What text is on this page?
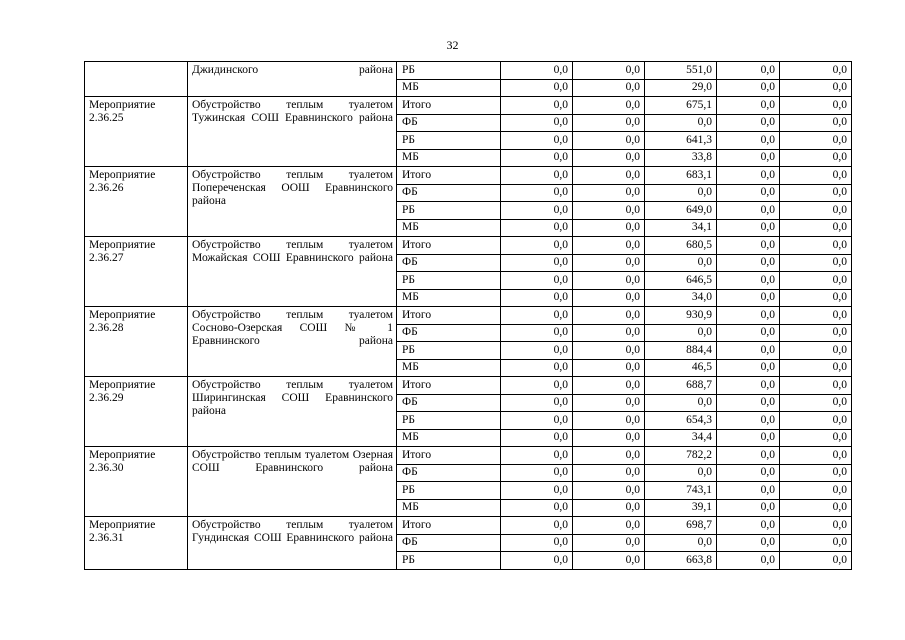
32
	Джидинского района	РБ	0,0	0,0	551,0	0,0	0,0
		МБ	0,0	0,0	29,0	0,0	0,0
Мероприятие 2.36.25	Обустройство теплым туалетом Тужинская СОШ Еравнинского района	Итого	0,0	0,0	675,1	0,0	0,0
		ФБ	0,0	0,0	0,0	0,0	0,0
		РБ	0,0	0,0	641,3	0,0	0,0
		МБ	0,0	0,0	33,8	0,0	0,0
Мероприятие 2.36.26	Обустройство теплым туалетом Попереченская ООШ Еравнинского района	Итого	0,0	0,0	683,1	0,0	0,0
		ФБ	0,0	0,0	0,0	0,0	0,0
		РБ	0,0	0,0	649,0	0,0	0,0
		МБ	0,0	0,0	34,1	0,0	0,0
Мероприятие 2.36.27	Обустройство теплым туалетом Можайская СОШ Еравнинского района	Итого	0,0	0,0	680,5	0,0	0,0
		ФБ	0,0	0,0	0,0	0,0	0,0
		РБ	0,0	0,0	646,5	0,0	0,0
		МБ	0,0	0,0	34,0	0,0	0,0
Мероприятие 2.36.28	Обустройство теплым туалетом Сосново-Озерская СОШ № 1 Еравнинского района	Итого	0,0	0,0	930,9	0,0	0,0
		ФБ	0,0	0,0	0,0	0,0	0,0
		РБ	0,0	0,0	884,4	0,0	0,0
		МБ	0,0	0,0	46,5	0,0	0,0
Мероприятие 2.36.29	Обустройство теплым туалетом Ширингинская СОШ Еравнинского района	Итого	0,0	0,0	688,7	0,0	0,0
		ФБ	0,0	0,0	0,0	0,0	0,0
		РБ	0,0	0,0	654,3	0,0	0,0
		МБ	0,0	0,0	34,4	0,0	0,0
Мероприятие 2.36.30	Обустройство теплым туалетом Озерная СОШ Еравнинского района	Итого	0,0	0,0	782,2	0,0	0,0
		ФБ	0,0	0,0	0,0	0,0	0,0
		РБ	0,0	0,0	743,1	0,0	0,0
		МБ	0,0	0,0	39,1	0,0	0,0
Мероприятие 2.36.31	Обустройство теплым туалетом Гундинская СОШ Еравнинского района	Итого	0,0	0,0	698,7	0,0	0,0
		ФБ	0,0	0,0	0,0	0,0	0,0
		РБ	0,0	0,0	663,8	0,0	0,0
